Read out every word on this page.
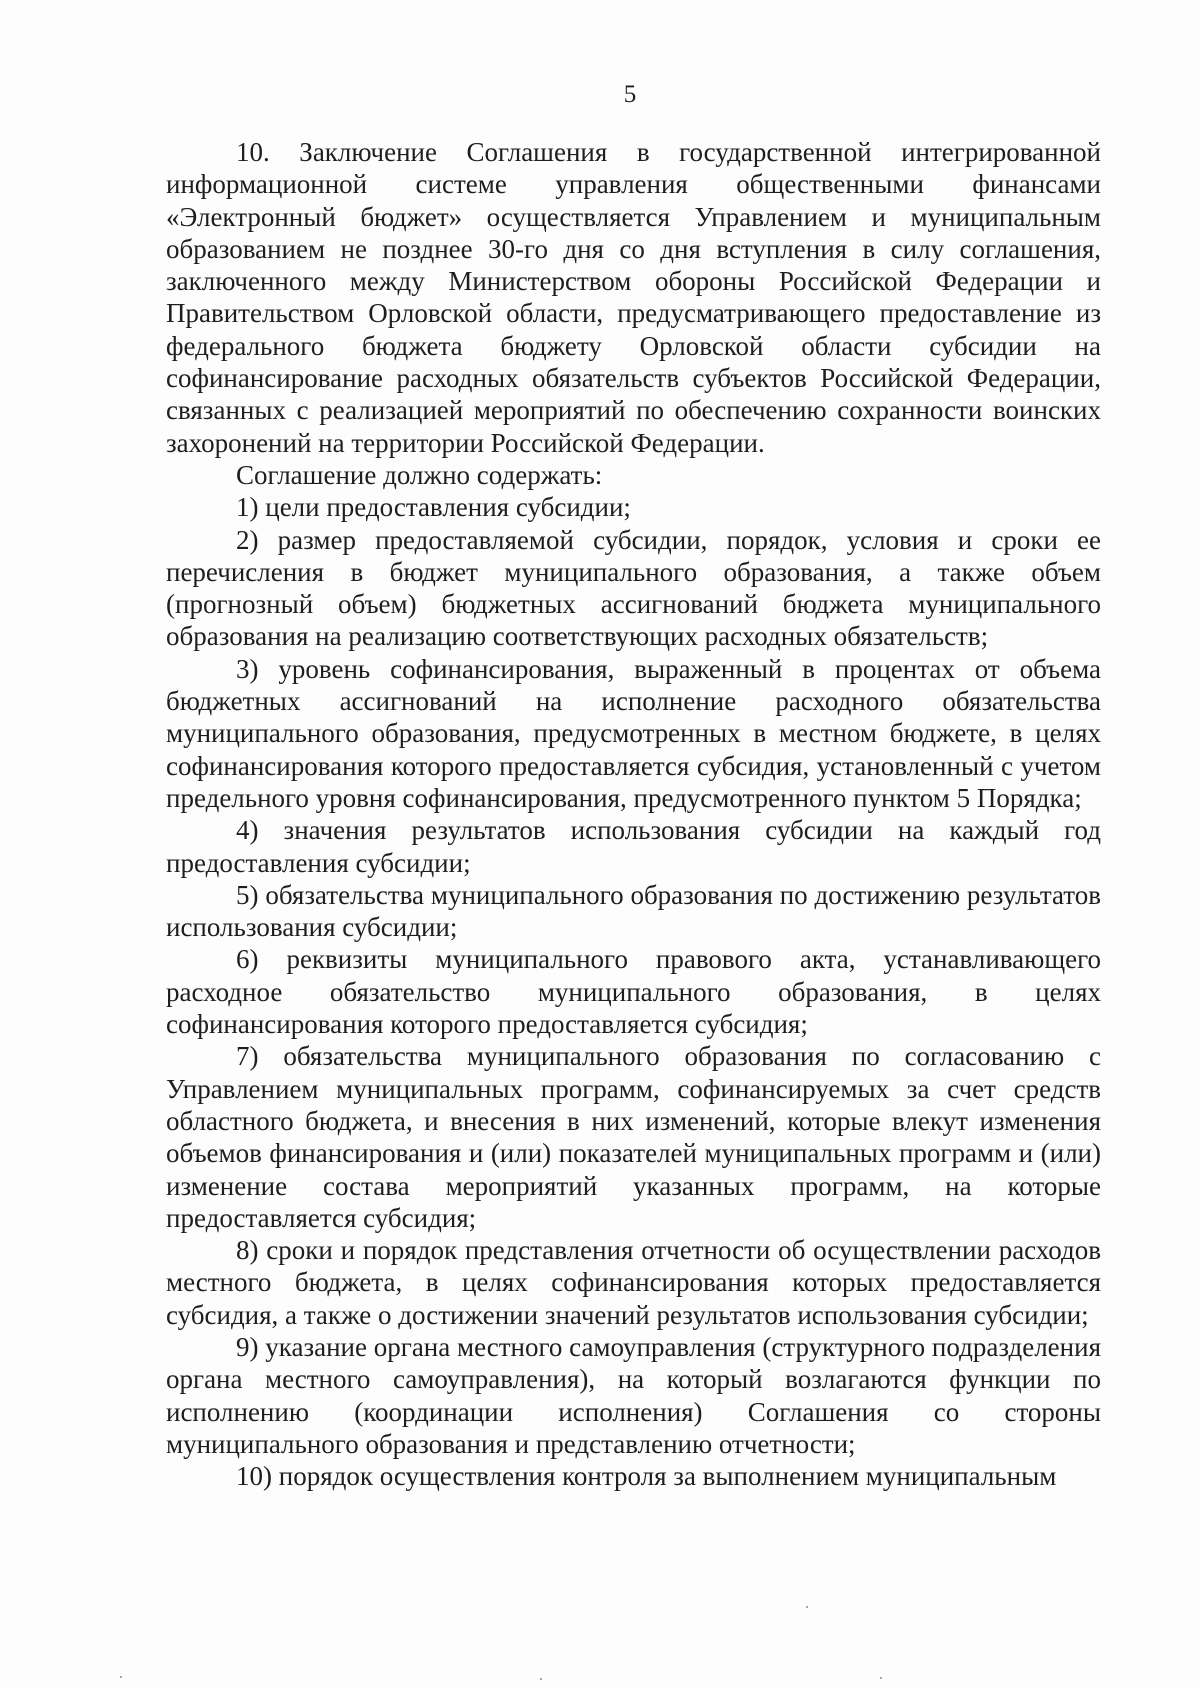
5

10. Заключение Соглашения в государственной интегрированной информационной системе управления общественными финансами «Электронный бюджет» осуществляется Управлением и муниципальным образованием не позднее 30-го дня со дня вступления в силу соглашения, заключенного между Министерством обороны Российской Федерации и Правительством Орловской области, предусматривающего предоставление из федерального бюджета бюджету Орловской области субсидии на софинансирование расходных обязательств субъектов Российской Федерации, связанных с реализацией мероприятий по обеспечению сохранности воинских захоронений на территории Российской Федерации.

Соглашение должно содержать:

1) цели предоставления субсидии;

2) размер предоставляемой субсидии, порядок, условия и сроки ее перечисления в бюджет муниципального образования, а также объем (прогнозный объем) бюджетных ассигнований бюджета муниципального образования на реализацию соответствующих расходных обязательств;

3) уровень софинансирования, выраженный в процентах от объема бюджетных ассигнований на исполнение расходного обязательства муниципального образования, предусмотренных в местном бюджете, в целях софинансирования которого предоставляется субсидия, установленный с учетом предельного уровня софинансирования, предусмотренного пунктом 5 Порядка;

4) значения результатов использования субсидии на каждый год предоставления субсидии;

5) обязательства муниципального образования по достижению результатов использования субсидии;

6) реквизиты муниципального правового акта, устанавливающего расходное обязательство муниципального образования, в целях софинансирования которого предоставляется субсидия;

7) обязательства муниципального образования по согласованию с Управлением муниципальных программ, софинансируемых за счет средств областного бюджета, и внесения в них изменений, которые влекут изменения объемов финансирования и (или) показателей муниципальных программ и (или) изменение состава мероприятий указанных программ, на которые предоставляется субсидия;

8) сроки и порядок представления отчетности об осуществлении расходов местного бюджета, в целях софинансирования которых предоставляется субсидия, а также о достижении значений результатов использования субсидии;

9) указание органа местного самоуправления (структурного подразделения органа местного самоуправления), на который возлагаются функции по исполнению (координации исполнения) Соглашения со стороны муниципального образования и представлению отчетности;

10) порядок осуществления контроля за выполнением муниципальным
